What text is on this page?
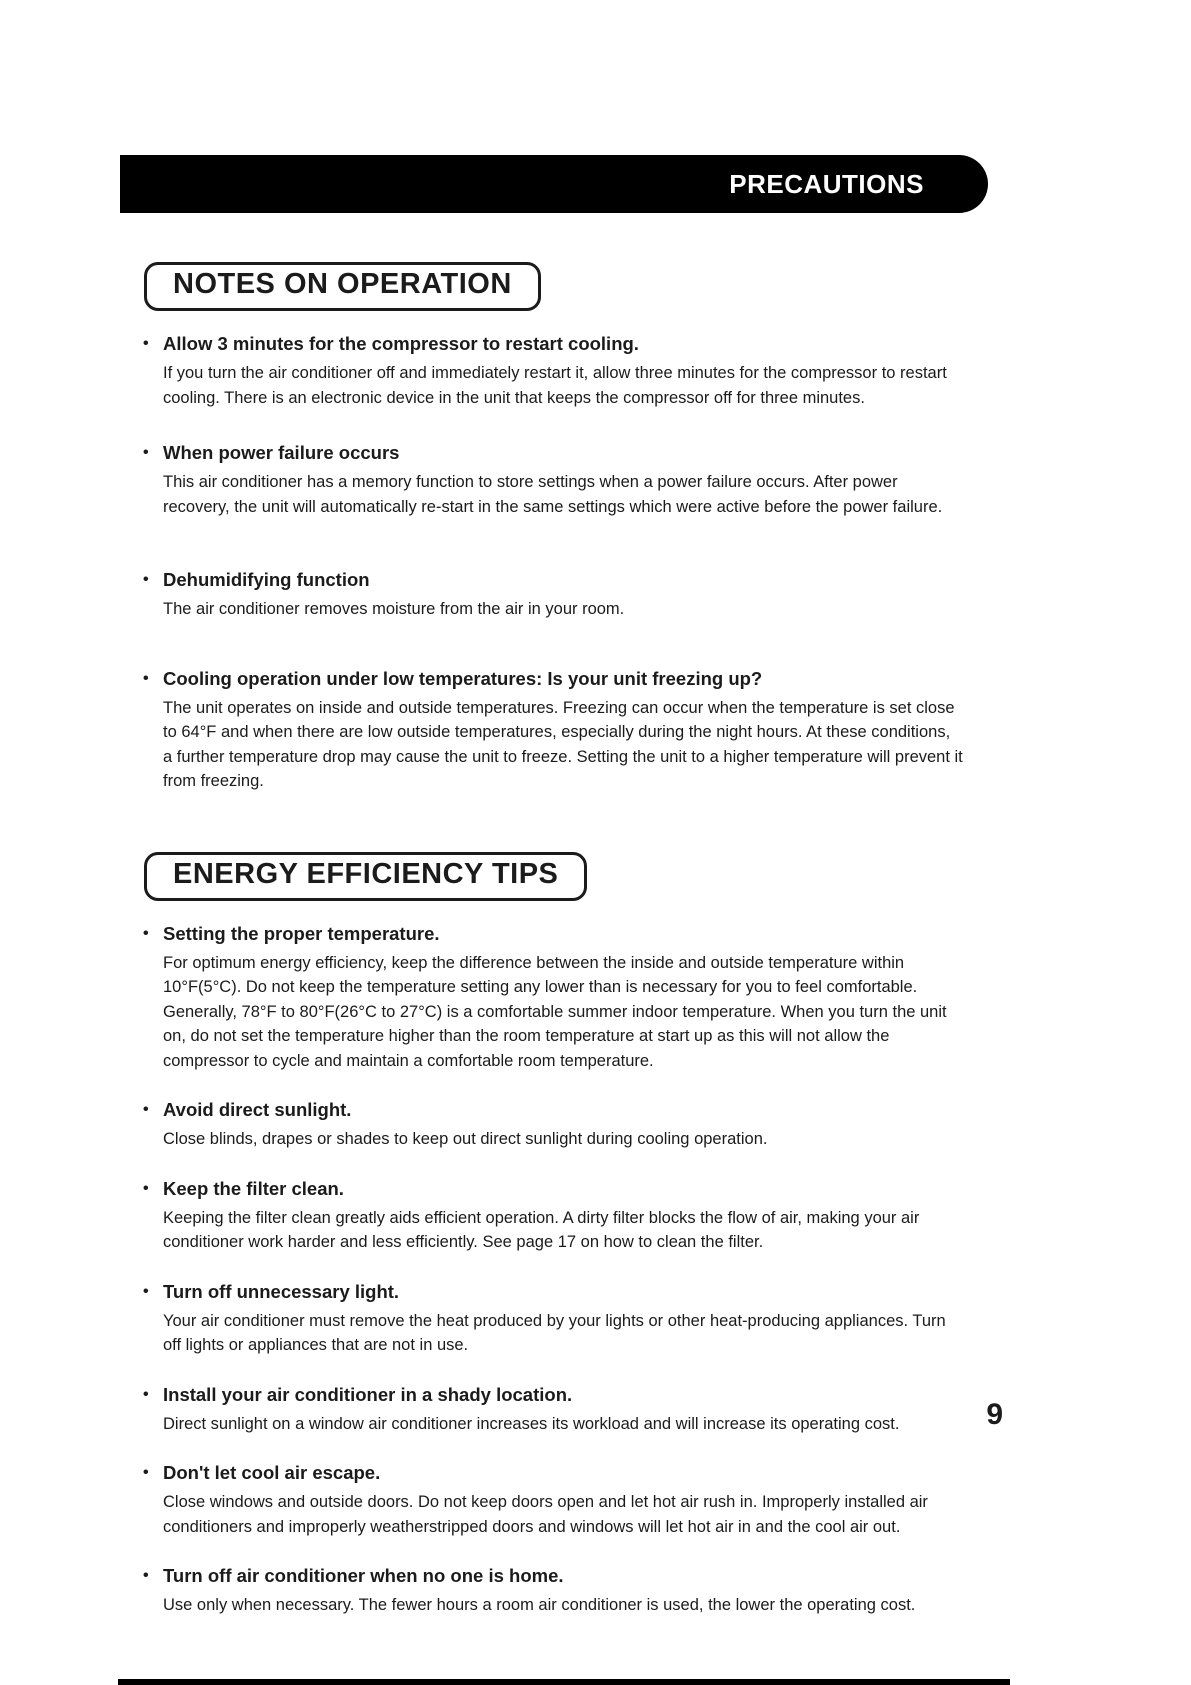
PRECAUTIONS
NOTES ON OPERATION
• Allow 3 minutes for the compressor to restart cooling.
If you turn the air conditioner off and immediately restart it, allow three minutes for the compressor to restart cooling. There is an electronic device in the unit that keeps the compressor off for three minutes.
• When power failure occurs
This air conditioner has a memory function to store settings when a power failure occurs. After power recovery, the unit will automatically re-start in the same settings which were active before the power failure.
• Dehumidifying function
The air conditioner removes moisture from the air in your room.
• Cooling operation under low temperatures: Is your unit freezing up?
The unit operates on inside and outside temperatures. Freezing can occur when the temperature is set close to 64°F and when there are low outside temperatures, especially during the night hours. At these conditions, a further temperature drop may cause the unit to freeze. Setting the unit to a higher temperature will prevent it from freezing.
ENERGY EFFICIENCY TIPS
• Setting the proper temperature.
For optimum energy efficiency, keep the difference between the inside and outside temperature within 10°F(5°C). Do not keep the temperature setting any lower than is necessary for you to feel comfortable. Generally, 78°F to 80°F(26°C to 27°C) is a comfortable summer indoor temperature. When you turn the unit on, do not set the temperature higher than the room temperature at start up as this will not allow the compressor to cycle and maintain a comfortable room temperature.
• Avoid direct sunlight.
Close blinds, drapes or shades to keep out direct sunlight during cooling operation.
• Keep the filter clean.
Keeping the filter clean greatly aids efficient operation. A dirty filter blocks the flow of air, making your air conditioner work harder and less efficiently. See page 17 on how to clean the filter.
• Turn off unnecessary light.
Your air conditioner must remove the heat produced by your lights or other heat-producing appliances. Turn off lights or appliances that are not in use.
• Install your air conditioner in a shady location.
Direct sunlight on a window air conditioner increases its workload and will increase its operating cost.
• Don't let cool air escape.
Close windows and outside doors. Do not keep doors open and let hot air rush in. Improperly installed air conditioners and improperly weatherstripped doors and windows will let hot air in and the cool air out.
• Turn off air conditioner when no one is home.
Use only when necessary. The fewer hours a room air conditioner is used, the lower the operating cost.
9
